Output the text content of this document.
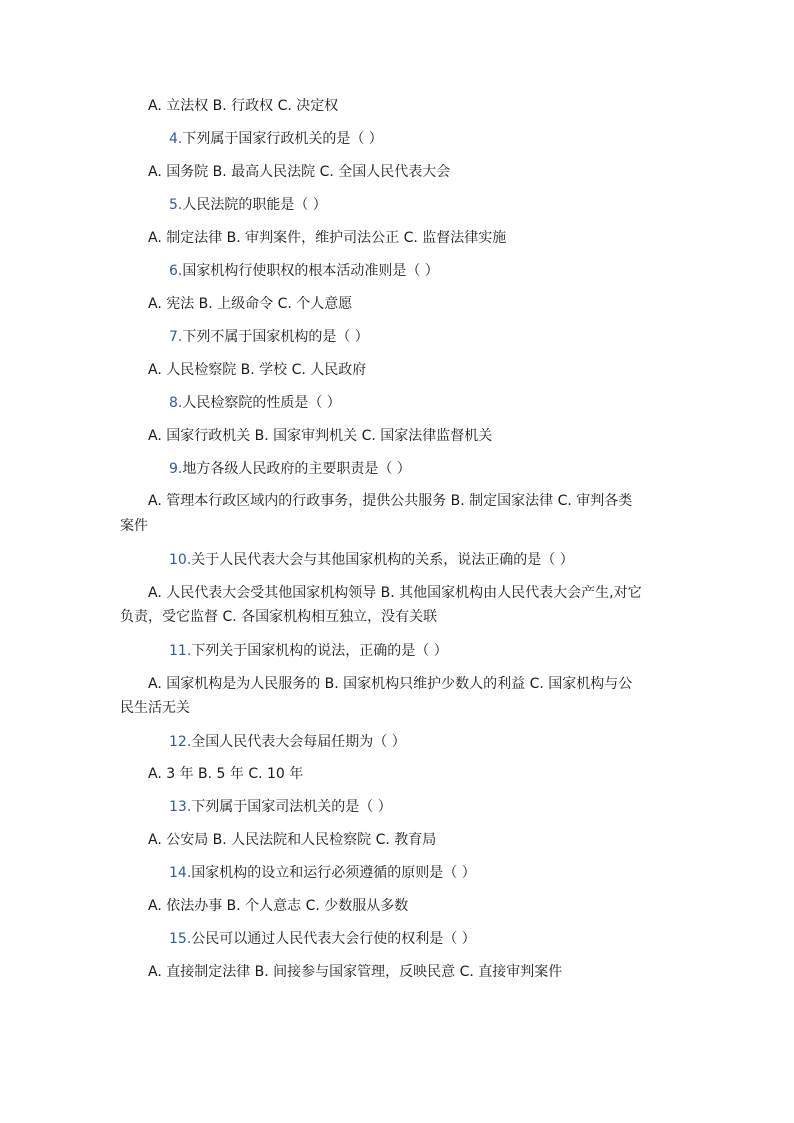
A. 立法权 B. 行政权 C. 决定权
4.下列属于国家行政机关的是（ ）
A. 国务院 B. 最高人民法院 C. 全国人民代表大会
5.人民法院的职能是（ ）
A. 制定法律 B. 审判案件，维护司法公正 C. 监督法律实施
6.国家机构行使职权的根本活动准则是（ ）
A. 宪法 B. 上级命令 C. 个人意愿
7.下列不属于国家机构的是（ ）
A. 人民检察院 B. 学校 C. 人民政府
8.人民检察院的性质是（ ）
A. 国家行政机关 B. 国家审判机关 C. 国家法律监督机关
9.地方各级人民政府的主要职责是（ ）
A. 管理本行政区域内的行政事务，提供公共服务 B. 制定国家法律 C. 审判各类
案件
10.关于人民代表大会与其他国家机构的关系，说法正确的是（ ）
A. 人民代表大会受其他国家机构领导 B. 其他国家机构由人民代表大会产生,对它
负责，受它监督 C. 各国家机构相互独立，没有关联
11.下列关于国家机构的说法，正确的是（ ）
A. 国家机构是为人民服务的 B. 国家机构只维护少数人的利益 C. 国家机构与公
民生活无关
12.全国人民代表大会每届任期为（ ）
A. 3 年 B. 5 年 C. 10 年
13.下列属于国家司法机关的是（ ）
A. 公安局 B. 人民法院和人民检察院 C. 教育局
14.国家机构的设立和运行必须遵循的原则是（ ）
A. 依法办事 B. 个人意志 C. 少数服从多数
15.公民可以通过人民代表大会行使的权利是（ ）
A. 直接制定法律 B. 间接参与国家管理，反映民意 C. 直接审判案件
